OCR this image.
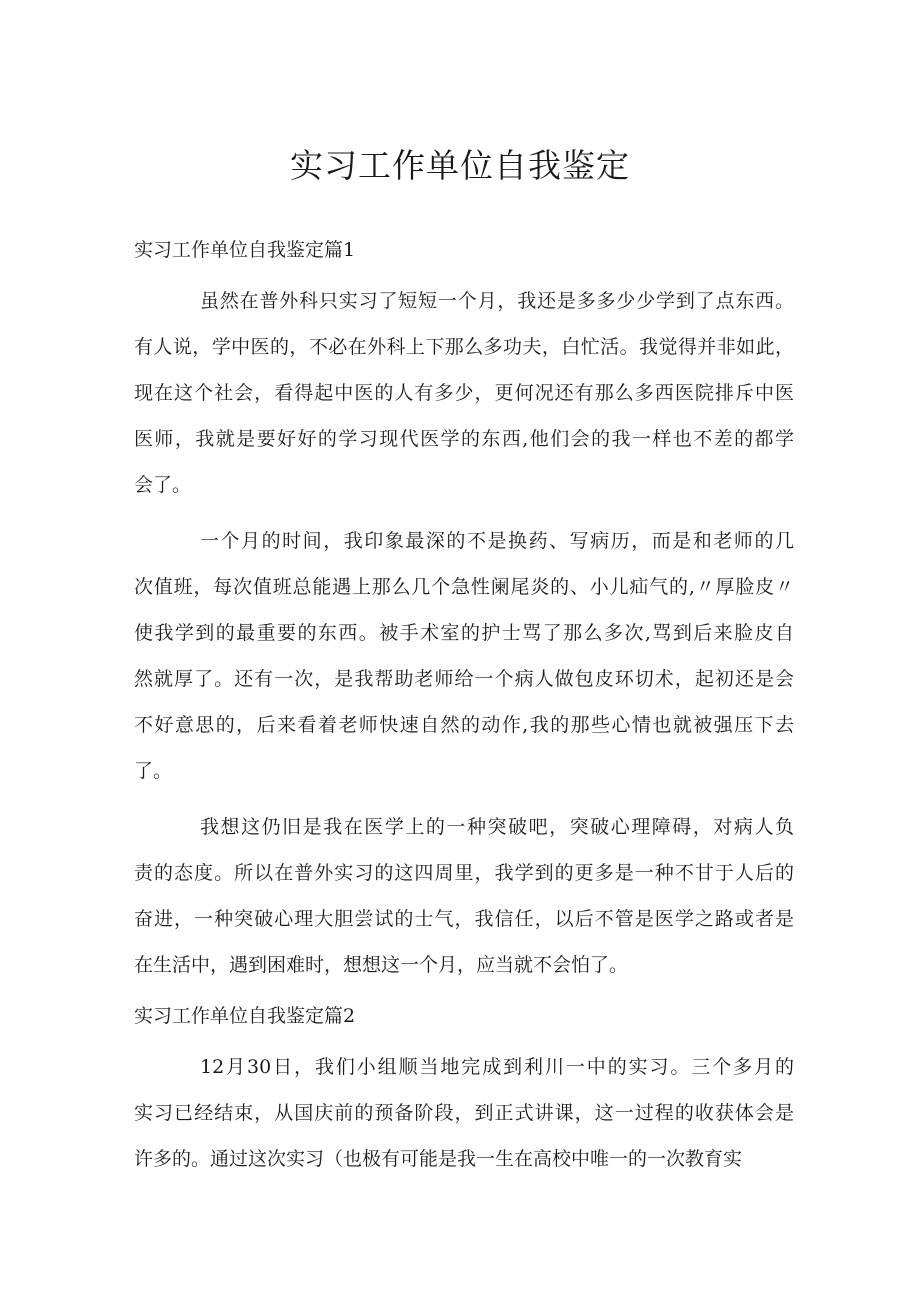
实习工作单位自我鉴定
实习工作单位自我鉴定篇1
虽然在普外科只实习了短短一个月，我还是多多少少学到了点东西。
有人说，学中医的，不必在外科上下那么多功夫，白忙活。我觉得并非如此，
现在这个社会，看得起中医的人有多少，更何况还有那么多西医院排斥中医
医师，我就是要好好的学习现代医学的东西,他们会的我一样也不差的都学
会了。
一个月的时间，我印象最深的不是换药、写病历，而是和老师的几
次值班，每次值班总能遇上那么几个急性阑尾炎的、小儿疝气的,〃厚脸皮〃
使我学到的最重要的东西。被手术室的护士骂了那么多次,骂到后来脸皮自
然就厚了。还有一次，是我帮助老师给一个病人做包皮环切术，起初还是会
不好意思的，后来看着老师快速自然的动作,我的那些心情也就被强压下去
了。
我想这仍旧是我在医学上的一种突破吧，突破心理障碍，对病人负
责的态度。所以在普外实习的这四周里，我学到的更多是一种不甘于人后的
奋进，一种突破心理大胆尝试的士气，我信任，以后不管是医学之路或者是
在生活中，遇到困难时，想想这一个月，应当就不会怕了。
实习工作单位自我鉴定篇2
12月30日，我们小组顺当地完成到利川一中的实习。三个多月的
实习已经结束，从国庆前的预备阶段，到正式讲课，这一过程的收获体会是
许多的。通过这次实习（也极有可能是我一生在高校中唯一的一次教育实
